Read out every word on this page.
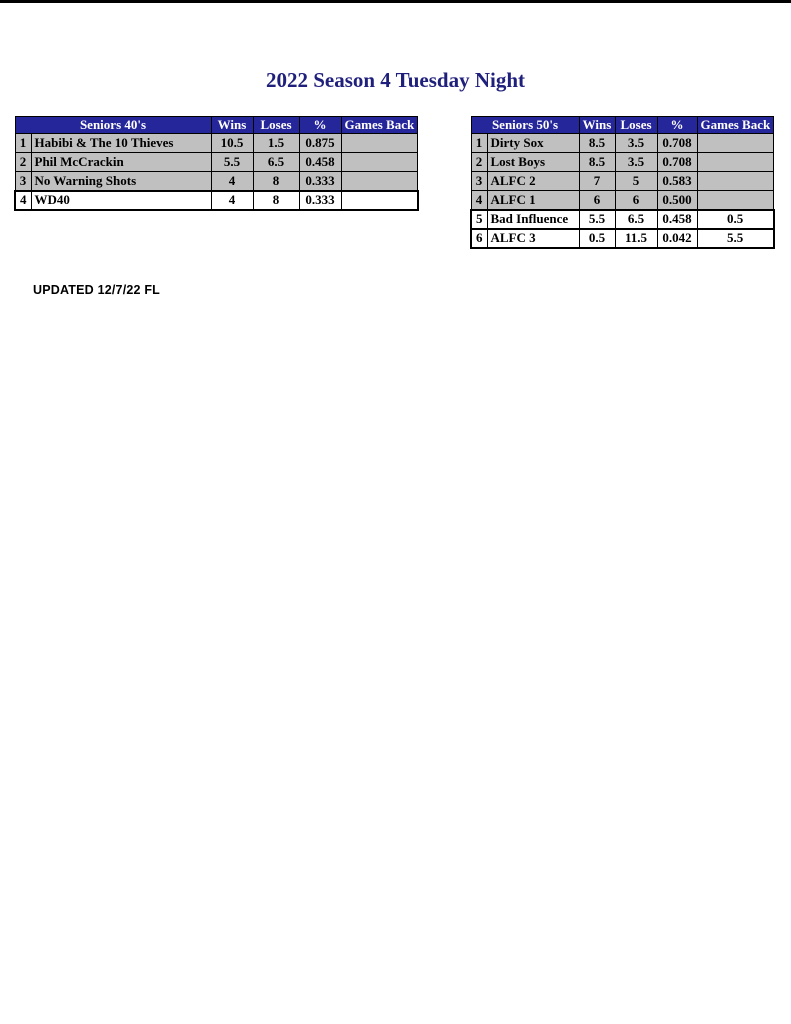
2022 Season 4 Tuesday Night
Seniors 40's		Wins	Loses	%	Games Back
1	Habibi & The 10 Thieves	10.5	1.5	0.875	
2	Phil McCrackin	5.5	6.5	0.458	
3	No Warning Shots	4	8	0.333	
4	WD40	4	8	0.333	
Seniors 50's		Wins	Loses	%	Games Back
1	Dirty Sox	8.5	3.5	0.708	
2	Lost Boys	8.5	3.5	0.708	
3	ALFC 2	7	5	0.583	
4	ALFC 1	6	6	0.500	
5	Bad Influence	5.5	6.5	0.458	0.5
6	ALFC 3	0.5	11.5	0.042	5.5
UPDATED 12/7/22 FL
